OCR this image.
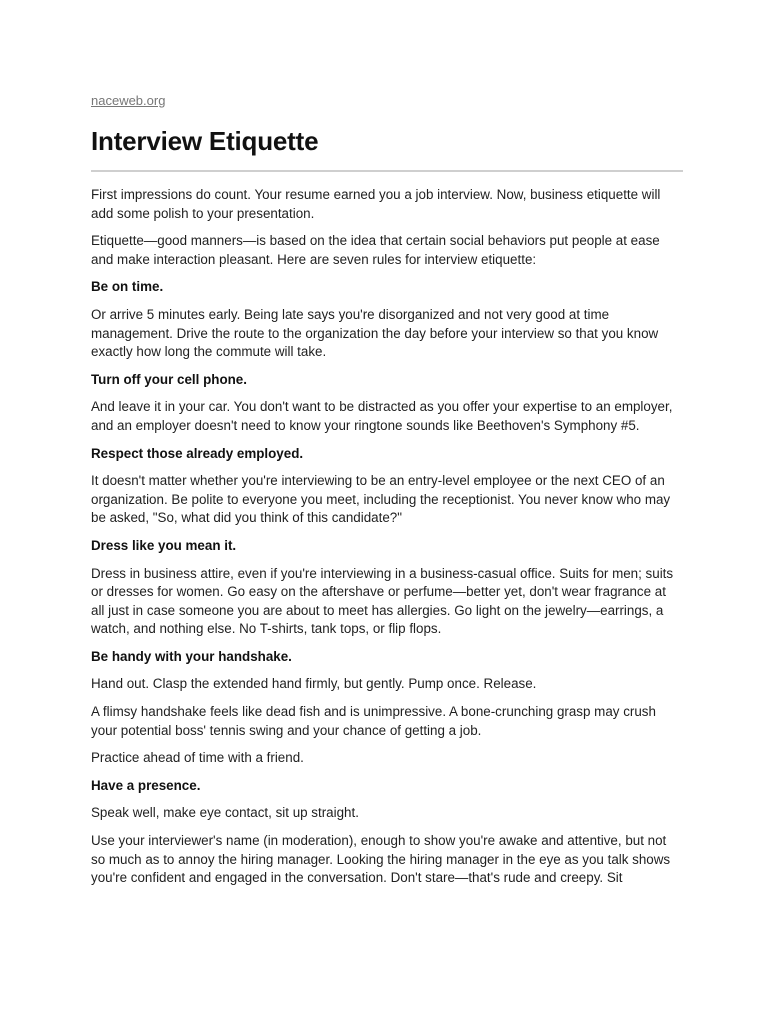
naceweb.org
Interview Etiquette

First impressions do count. Your resume earned you a job interview. Now, business etiquette will add some polish to your presentation.

Etiquette—good manners—is based on the idea that certain social behaviors put people at ease and make interaction pleasant. Here are seven rules for interview etiquette:

Be on time.

Or arrive 5 minutes early. Being late says you're disorganized and not very good at time management. Drive the route to the organization the day before your interview so that you know exactly how long the commute will take.

Turn off your cell phone.

And leave it in your car. You don't want to be distracted as you offer your expertise to an employer, and an employer doesn't need to know your ringtone sounds like Beethoven's Symphony #5.

Respect those already employed.

It doesn't matter whether you're interviewing to be an entry-level employee or the next CEO of an organization. Be polite to everyone you meet, including the receptionist. You never know who may be asked, "So, what did you think of this candidate?"

Dress like you mean it.

Dress in business attire, even if you're interviewing in a business-casual office. Suits for men; suits or dresses for women. Go easy on the aftershave or perfume—better yet, don't wear fragrance at all just in case someone you are about to meet has allergies. Go light on the jewelry—earrings, a watch, and nothing else. No T-shirts, tank tops, or flip flops.

Be handy with your handshake.

Hand out. Clasp the extended hand firmly, but gently. Pump once. Release.

A flimsy handshake feels like dead fish and is unimpressive. A bone-crunching grasp may crush your potential boss' tennis swing and your chance of getting a job.

Practice ahead of time with a friend.

Have a presence.

Speak well, make eye contact, sit up straight.

Use your interviewer's name (in moderation), enough to show you're awake and attentive, but not so much as to annoy the hiring manager. Looking the hiring manager in the eye as you talk shows you're confident and engaged in the conversation. Don't stare—that's rude and creepy. Sit
